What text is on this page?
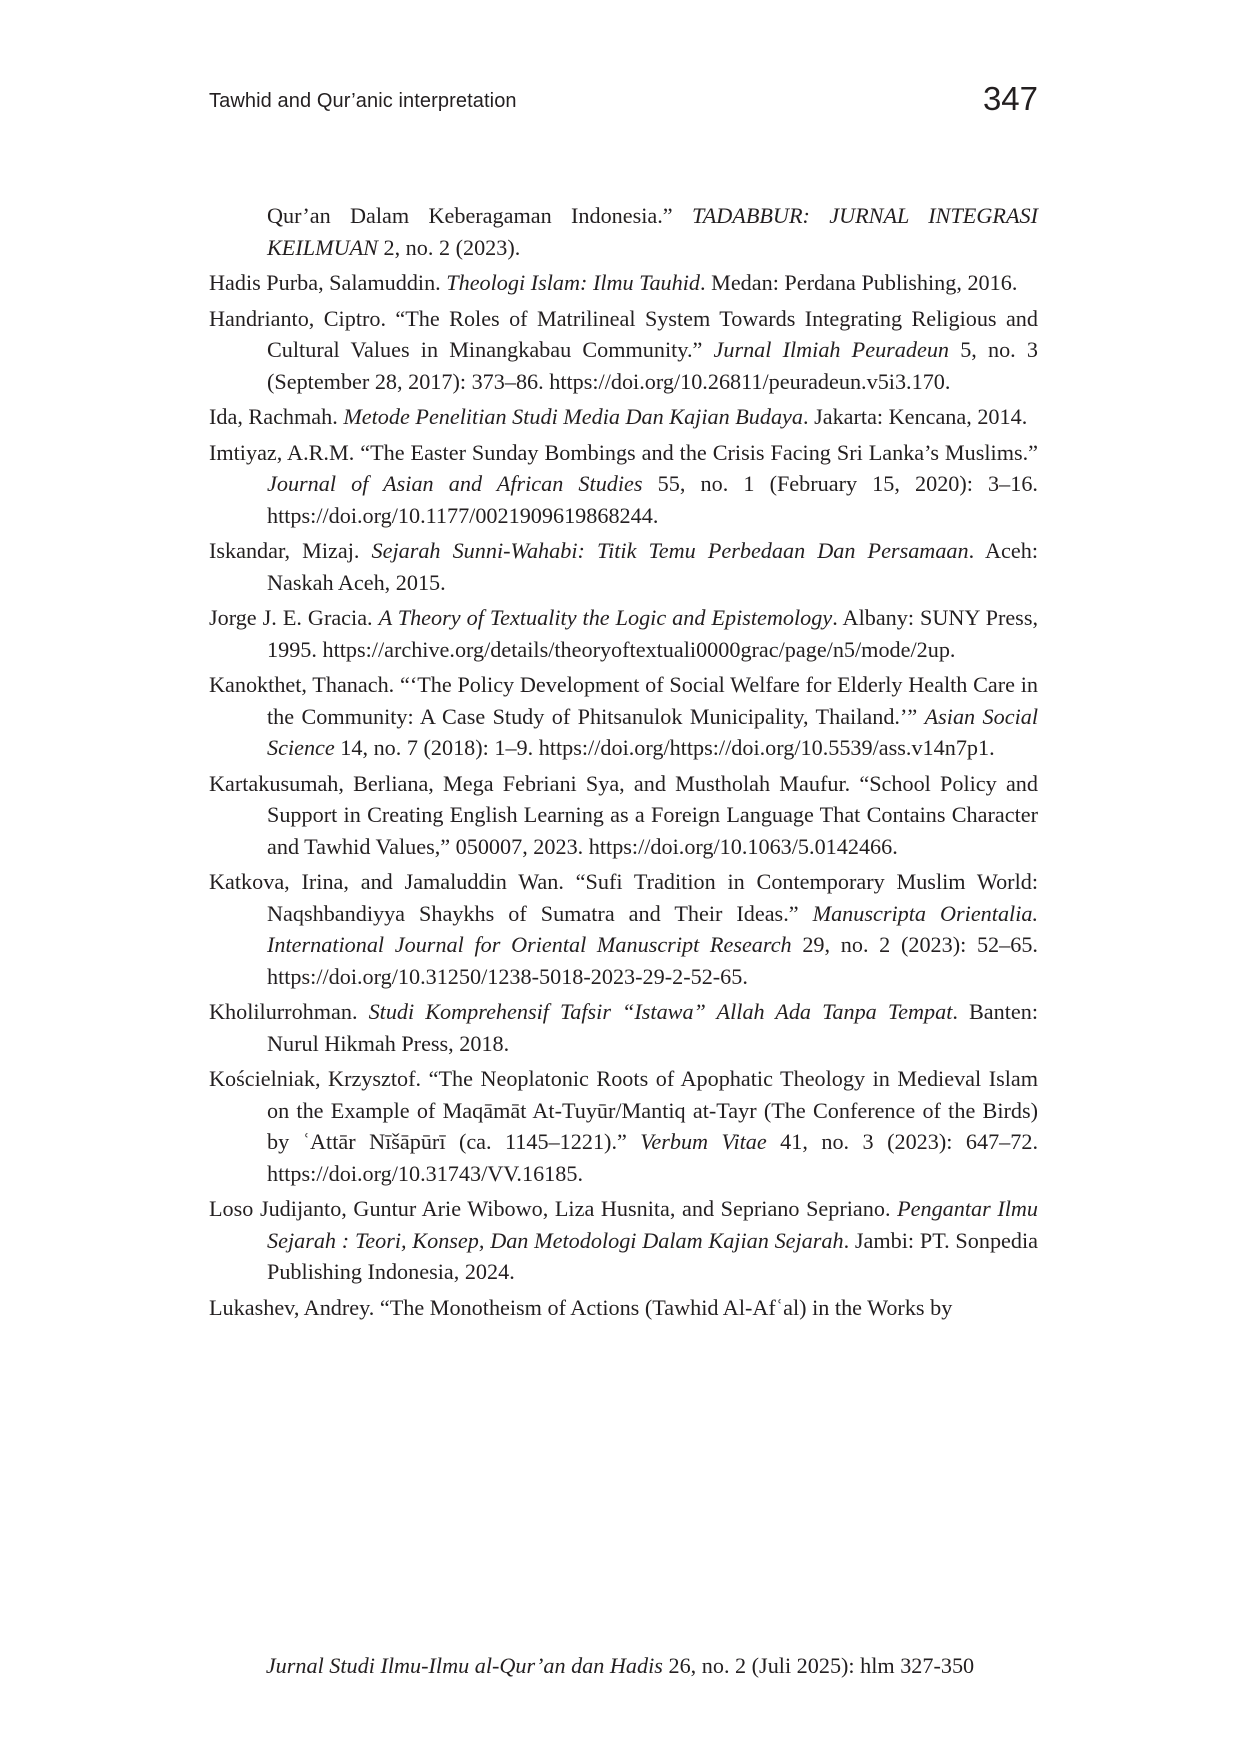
Tawhid and Qur’anic interpretation	347

Qur’an Dalam Keberagaman Indonesia.” TADABBUR: JURNAL INTEGRASI KEILMUAN 2, no. 2 (2023).

Hadis Purba, Salamuddin. Theologi Islam: Ilmu Tauhid. Medan: Perdana Publishing, 2016.

Handrianto, Ciptro. “The Roles of Matrilineal System Towards Integrating Religious and Cultural Values in Minangkabau Community.” Jurnal Ilmiah Peuradeun 5, no. 3 (September 28, 2017): 373–86. https://doi.org/10.26811/peuradeun.v5i3.170.

Ida, Rachmah. Metode Penelitian Studi Media Dan Kajian Budaya. Jakarta: Kencana, 2014.

Imtiyaz, A.R.M. “The Easter Sunday Bombings and the Crisis Facing Sri Lanka’s Muslims.” Journal of Asian and African Studies 55, no. 1 (February 15, 2020): 3–16. https://doi.org/10.1177/0021909619868244.

Iskandar, Mizaj. Sejarah Sunni-Wahabi: Titik Temu Perbedaan Dan Persamaan. Aceh: Naskah Aceh, 2015.

Jorge J. E. Gracia. A Theory of Textuality the Logic and Epistemology. Albany: SUNY Press, 1995. https://archive.org/details/theoryoftextuali0000grac/page/n5/mode/2up.

Kanokthet, Thanach. “‘The Policy Development of Social Welfare for Elderly Health Care in the Community: A Case Study of Phitsanulok Municipality, Thailand.’” Asian Social Science 14, no. 7 (2018): 1–9. https://doi.org/https://doi.org/10.5539/ass.v14n7p1.

Kartakusumah, Berliana, Mega Febriani Sya, and Mustholah Maufur. “School Policy and Support in Creating English Learning as a Foreign Language That Contains Character and Tawhid Values,” 050007, 2023. https://doi.org/10.1063/5.0142466.

Katkova, Irina, and Jamaluddin Wan. “Sufi Tradition in Contemporary Muslim World: Naqshbandiyya Shaykhs of Sumatra and Their Ideas.” Manuscripta Orientalia. International Journal for Oriental Manuscript Research 29, no. 2 (2023): 52–65. https://doi.org/10.31250/1238-5018-2023-29-2-52-65.

Kholilurrohman. Studi Komprehensif Tafsir “Istawa” Allah Ada Tanpa Tempat. Banten: Nurul Hikmah Press, 2018.

Kościelniak, Krzysztof. “The Neoplatonic Roots of Apophatic Theology in Medieval Islam on the Example of Maqāmāt At-Tuyūr/Mantiq at-Tayr (The Conference of the Birds) by ʿAttār Nīšāpūrī (ca. 1145–1221).” Verbum Vitae 41, no. 3 (2023): 647–72. https://doi.org/10.31743/VV.16185.

Loso Judijanto, Guntur Arie Wibowo, Liza Husnita, and Sepriano Sepriano. Pengantar Ilmu Sejarah : Teori, Konsep, Dan Metodologi Dalam Kajian Sejarah. Jambi: PT. Sonpedia Publishing Indonesia, 2024.

Lukashev, Andrey. “The Monotheism of Actions (Tawhid Al-Afʿal) in the Works by

Jurnal Studi Ilmu-Ilmu al-Qur’an dan Hadis 26, no. 2 (Juli 2025): hlm 327-350
